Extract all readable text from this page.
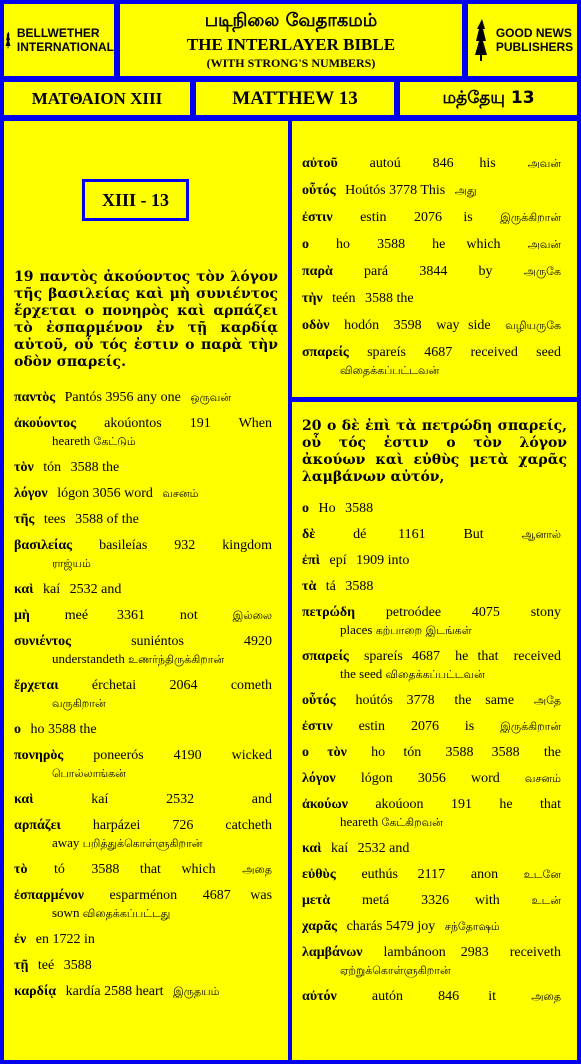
BELLWETHER
INTERNATIONAL
படிநிலை வேதாகமம்
THE INTERLAYER BIBLE
(WITH STRONG'S NUMBERS)
GOOD NEWS
PUBLISHERS
ΜΑΤΘΑΙΟΝ XIII	MATTHEW 13	மத்தேயு 13
XIII - 13
19 παντὸς ἀκούοντος τὸν λόγον τῆς βασιλείας καὶ μὴ συνιέντος ἔρχεται ο πονηρὸς καὶ αρπάζει τὸ ἐσπαρμένον ἐν τῇ καρδίᾳ αὐτοῦ, οὗ τός ἐστιν ο παρὰ τὴν οδὸν σπαρείς.
παντὸς Pantós 3956 any one ஒருவன்
ἀκούοντος akoúontos 191 When
heareth கேட்டும்
τὸν tón 3588 the
λόγον lógon 3056 word வசனம்
τῆς tees 3588 of the
βασιλείας basileías 932 kingdom
ராஜ்யம்
καὶ kaí 2532 and
μὴ meé 3361 not	இல்லை
συνιέντος	suniéntos	4920
understandeth உணர்ந்திருக்கிறான்
ἔρχεται érchetai 2064 cometh
வருகிறான்
ο ho 3588 the
πονηρὸς poneerós 4190 wicked
பொல்லாங்கன்
καὶ	kaí	2532	and
αρπάζει harpázei 726 catcheth
away பறித்துக்கொள்ளுகிறான்
τὸ tó 3588 that which அதை
ἐσπαρμένον esparménon 4687 was
sown விதைக்கப்பட்டது
ἐν en 1722 in
τῇ teé 3588
καρδίᾳ kardía 2588 heart இருதயம்
αὐτοῦ autoú 846 his	அவன்
οὗτός Hoútós 3778 This அது
ἐστιν estin 2076 is இருக்கிறான்
ο ho 3588 he which அவன்
παρὰ pará 3844 by	அருகே
τὴν teén 3588 the
οδὸν hodón 3598 way side வழியருகே
σπαρείς spareís 4687 received seed
விதைக்கப்பட்டவன்
20 ο δὲ ἐπὶ τὰ πετρώδη σπαρείς, οὗ τός ἐστιν ο τὸν λόγον ἀκούων καὶ εὐθὺς μετὰ χαρᾶς λαμβάνων αὐτόν,
ο Ho 3588
δὲ	dé 1161	But	ஆனால்
ἐπὶ epí 1909 into
τὰ tá 3588
πετρώδη petroódee 4075 stony
places கற்பாறை இடங்கள்
σπαρείς spareís 4687 he that received
the seed விதைக்கப்பட்டவன்
οὗτός hoútós 3778 the same அதே
ἐστιν estin 2076 is இருக்கிறான்
ο τὸν ho tón 3588 3588 the
λόγον lógon 3056 word வசனம்
ἀκούων akoúoon 191 he that
heareth கேட்கிறவன்
καὶ kaí 2532 and
εὐθὺς euthús 2117 anon உடனே
μετὰ metá 3326 with	உடன்
χαρᾶς charás 5479 joy சந்தோஷம்
λαμβάνων lambánoon 2983 receiveth
ஏற்றுக்கொள்ளுகிறான்
αὐτόν	autón	846 it	அதை
